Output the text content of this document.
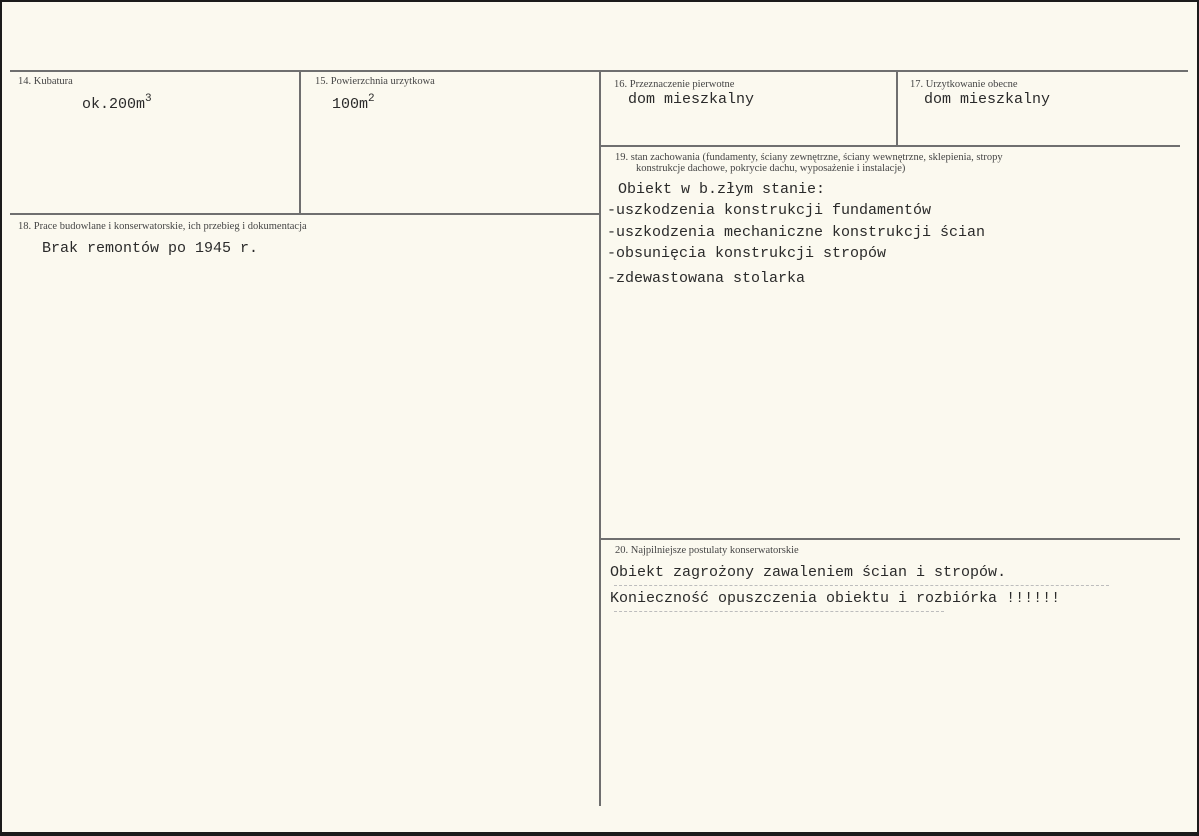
14. Kubatura
$ok.200m^3$
15. Powierzchnia urzytkowa
$100m^2$
16. Przeznaczenie pierwotne
dom mieszkalny
17. Urzytkowanie obecne
dom mieszkalny
18. Prace budowlane i konserwatorskie, ich przebieg i dokumentacja
Brak remontów po 1945 r.
19. stan zachowania (fundamenty, ściany zewnętrzne, ściany wewnętrzne, sklepienia, stropy
konstrukcje dachowe, pokrycie dachu, wyposażenie i instalacje)
Obiekt w b.złym stanie:
-uszkodzenia konstrukcji fundamentów
-uszkodzenia mechaniczne konstrukcji ścian
-obsunięcia konstrukcji stropów
-zdewastowana stolarka
20. Najpilniejsze postulaty konserwatorskie
Obiekt zagrożony zawaleniem ścian i stropów.
Konieczność opuszczenia obiektu i rozbiórka !!!!!!
